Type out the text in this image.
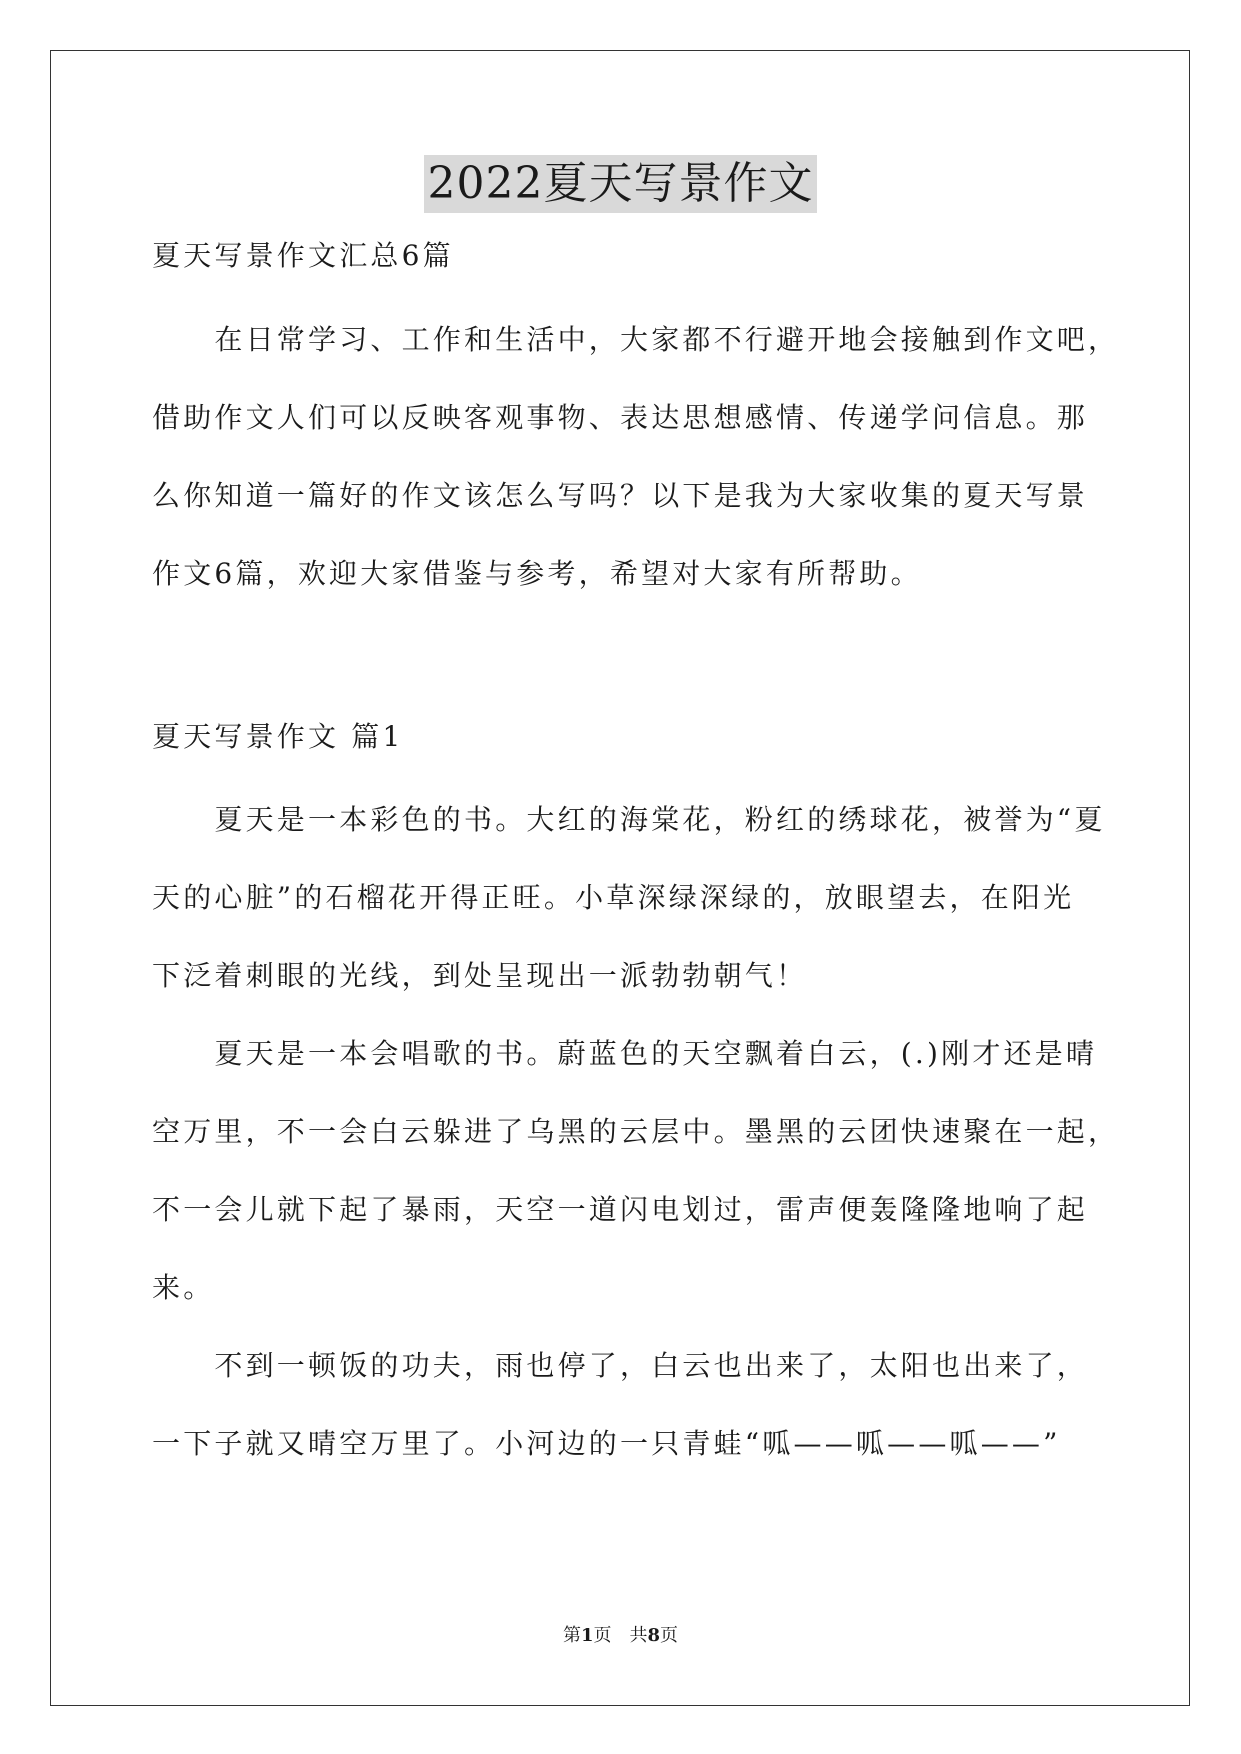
2022夏天写景作文
夏天写景作文汇总6篇
　　在日常学习、工作和生活中，大家都不行避开地会接触到作文吧，
借助作文人们可以反映客观事物、表达思想感情、传递学问信息。那
么你知道一篇好的作文该怎么写吗？以下是我为大家收集的夏天写景
作文6篇，欢迎大家借鉴与参考，希望对大家有所帮助。
夏天写景作文 篇1
　　夏天是一本彩色的书。大红的海棠花，粉红的绣球花，被誉为“夏
天的心脏”的石榴花开得正旺。小草深绿深绿的，放眼望去，在阳光
下泛着刺眼的光线，到处呈现出一派勃勃朝气！
　　夏天是一本会唱歌的书。蔚蓝色的天空飘着白云，(.)刚才还是晴
空万里，不一会白云躲进了乌黑的云层中。墨黑的云团快速聚在一起，
不一会儿就下起了暴雨，天空一道闪电划过，雷声便轰隆隆地响了起
来。
　　不到一顿饭的功夫，雨也停了，白云也出来了，太阳也出来了，
一下子就又晴空万里了。小河边的一只青蛙“呱——呱——呱——”
第1页　共8页
